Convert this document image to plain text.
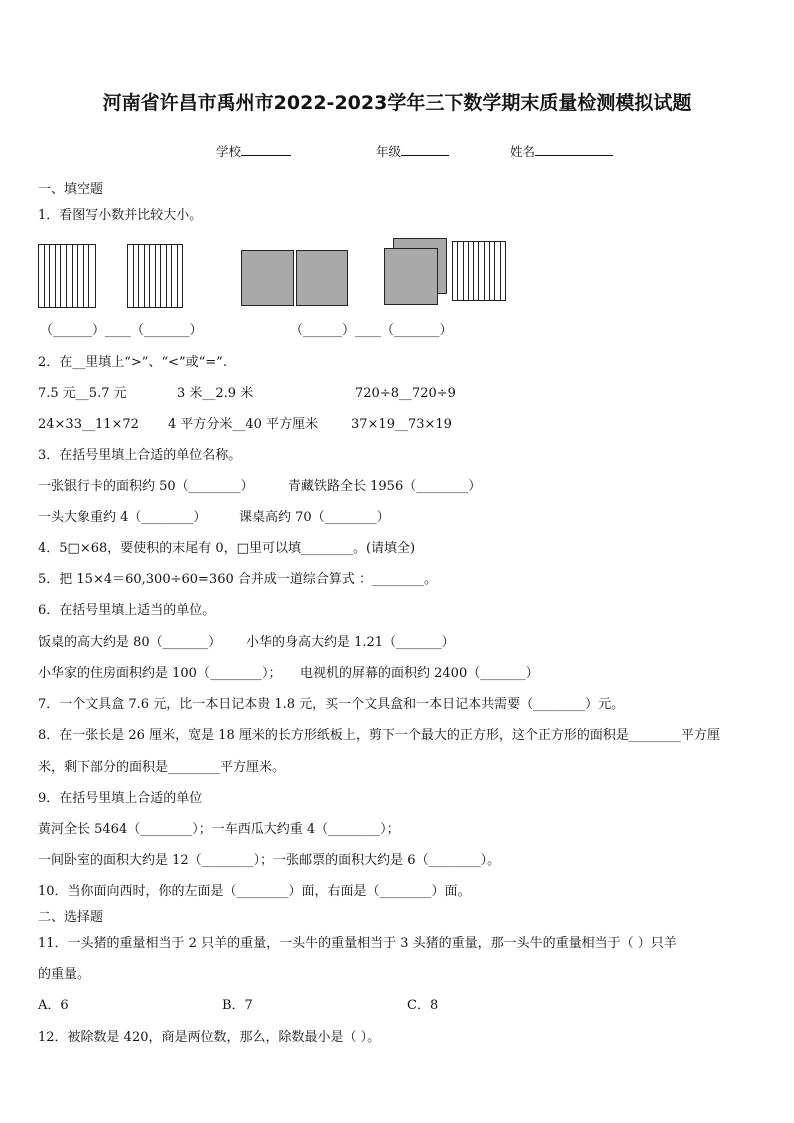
河南省许昌市禹州市2022-2023学年三下数学期末质量检测模拟试题
学校	年级	姓名
一、填空题
1．看图写小数并比较大小。
（______）____（_______）	（______）____（_______）
2．在__里填上“>”、“<”或“=”.
7.5 元__5.7 元	3 米__2.9 米	720÷8__720÷9
24×33__11×72 4 平方分米__40 平方厘米	37×19__73×19
3．在括号里填上合适的单位名称。
一张银行卡的面积约 50（________）	青藏铁路全长 1956（________）
一头大象重约 4（________）	课桌高约 70（________）
4．5□×68，要使积的末尾有 0，□里可以填________。(请填全)
5．把 15×4＝60,300÷60=360 合并成一道综合算式 ：________。
6．在括号里填上适当的单位。
饭桌的高大约是 80（_______） 小华的身高大约是 1.21（_______）
小华家的住房面积约是 100（________）； 电视机的屏幕的面积约 2400（_______）
7．一个文具盒 7.6 元，比一本日记本贵 1.8 元，买一个文具盒和一本日记本共需要（________）元。
8．在一张长是 26 厘米，宽是 18 厘米的长方形纸板上，剪下一个最大的正方形，这个正方形的面积是________平方厘
米，剩下部分的面积是________平方厘米。
9．在括号里填上合适的单位
黄河全长 5464（________）；一车西瓜大约重 4（________）；
一间卧室的面积大约是 12（________）；一张邮票的面积大约是 6（________）。
10．当你面向西时，你的左面是（________）面，右面是（________）面。
二、选择题
11．一头猪的重量相当于 2 只羊的重量，一头牛的重量相当于 3 头猪的重量，那一头牛的重量相当于（ ）只羊
的重量。
A．6	B．7	C．8
12．被除数是 420，商是两位数，那么，除数最小是（ ）。
